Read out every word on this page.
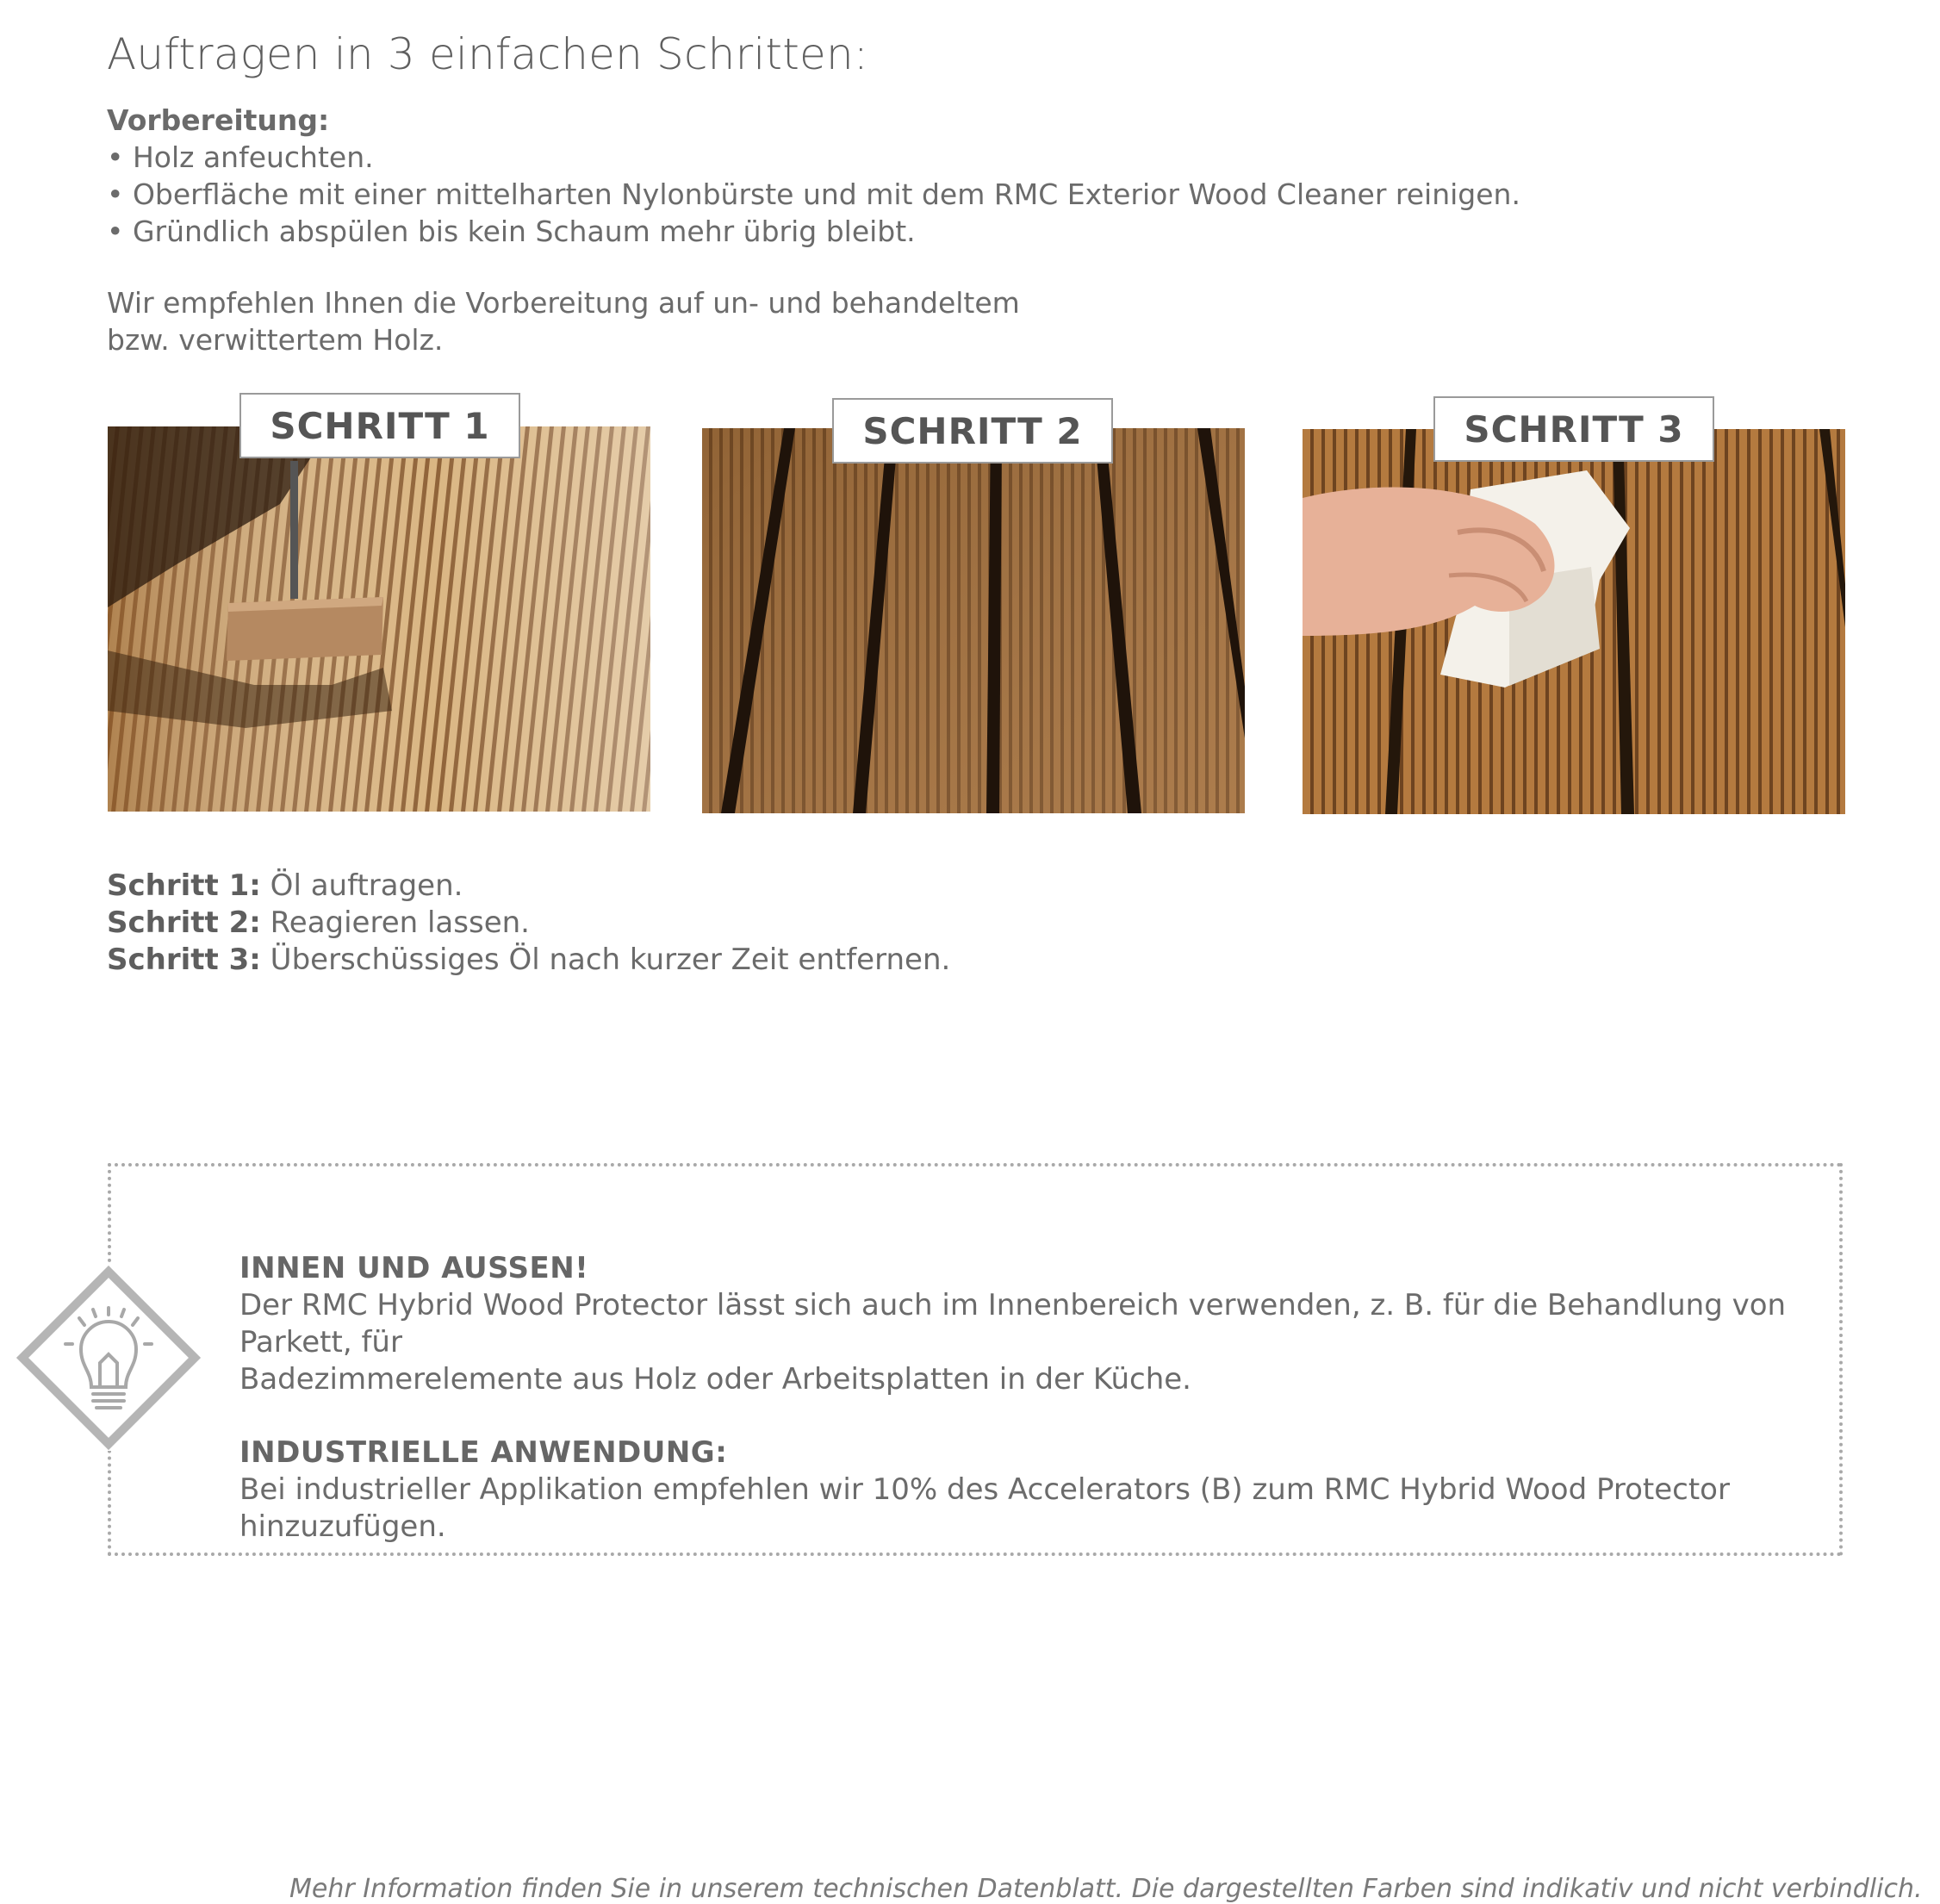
Auftragen in 3 einfachen Schritten:
Vorbereitung:
• Holz anfeuchten.
• Oberfläche mit einer mittelharten Nylonbürste und mit dem RMC Exterior Wood Cleaner reinigen.
• Gründlich abspülen bis kein Schaum mehr übrig bleibt.
Wir empfehlen Ihnen die Vorbereitung auf un- und behandeltem
bzw. verwittertem Holz.
SCHRITT 1	SCHRITT 2	SCHRITT 3
Schritt 1: Öl auftragen.
Schritt 2: Reagieren lassen.
Schritt 3: Überschüssiges Öl nach kurzer Zeit entfernen.
INNEN UND AUSSEN!

Der RMC Hybrid Wood Protector lässt sich auch im Innenbereich verwenden, z. B. für die Behandlung von Parkett, für

Badezimmerelemente aus Holz oder Arbeitsplatten in der Küche.

INDUSTRIELLE ANWENDUNG:

Bei industrieller Applikation empfehlen wir 10% des Accelerators (B) zum RMC Hybrid Wood Protector hinzuzufügen.

Mehr Information finden Sie in unserem technischen Datenblatt. Die dargestellten Farben sind indikativ und nicht verbindlich.
